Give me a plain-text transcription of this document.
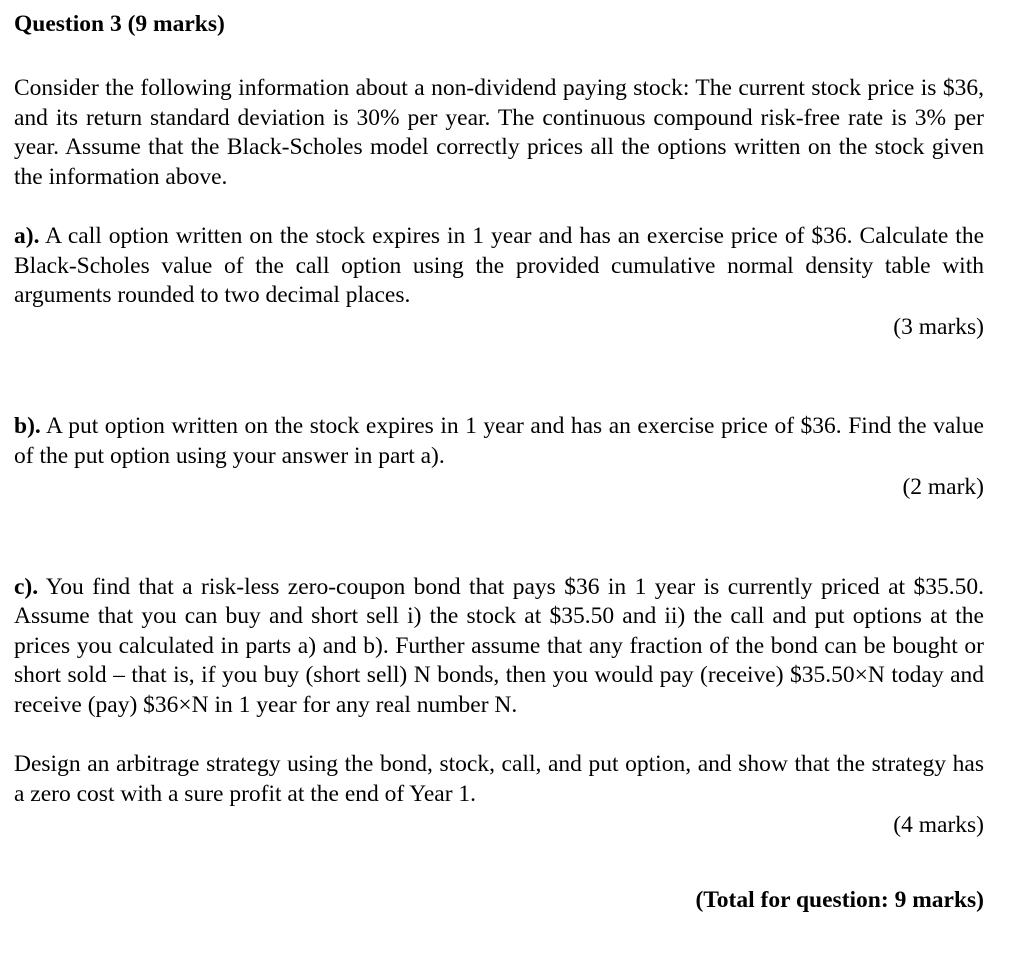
Question 3 (9 marks)

Consider the following information about a non-dividend paying stock: The current stock price is $36, and its return standard deviation is 30% per year. The continuous compound risk-free rate is 3% per year. Assume that the Black-Scholes model correctly prices all the options written on the stock given the information above.

a). A call option written on the stock expires in 1 year and has an exercise price of $36. Calculate the Black-Scholes value of the call option using the provided cumulative normal density table with arguments rounded to two decimal places.

(3 marks)

b). A put option written on the stock expires in 1 year and has an exercise price of $36. Find the value of the put option using your answer in part a).

(2 mark)

c). You find that a risk-less zero-coupon bond that pays $36 in 1 year is currently priced at $35.50. Assume that you can buy and short sell i) the stock at $35.50 and ii) the call and put options at the prices you calculated in parts a) and b). Further assume that any fraction of the bond can be bought or short sold – that is, if you buy (short sell) N bonds, then you would pay (receive) $35.50×N today and receive (pay) $36×N in 1 year for any real number N.

Design an arbitrage strategy using the bond, stock, call, and put option, and show that the strategy has a zero cost with a sure profit at the end of Year 1.

(4 marks)

(Total for question: 9 marks)
